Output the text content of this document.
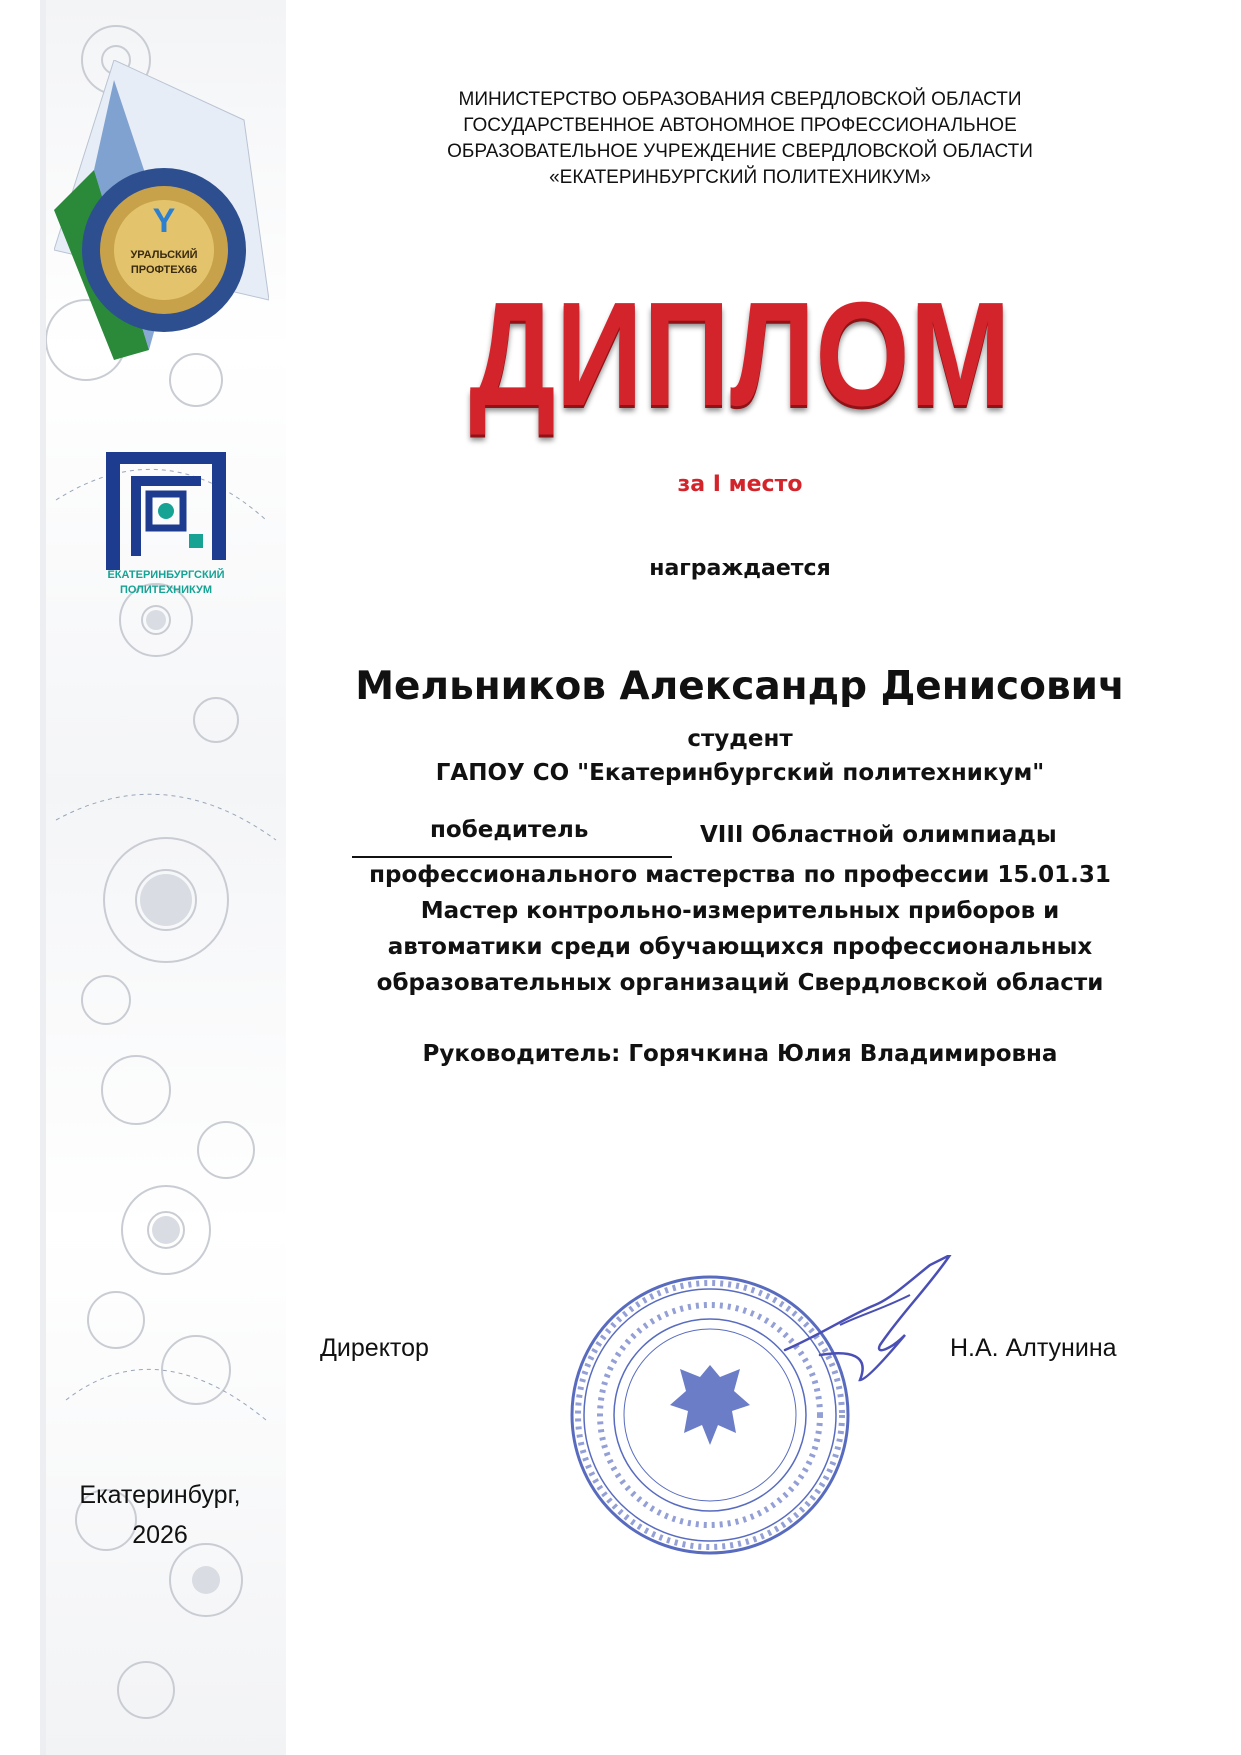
Y
УРАЛЬСКИЙ
ПРОФТЕХ66
ЕКАТЕРИНБУРГСКИЙ
ПОЛИТЕХНИКУМ
МИНИСТЕРСТВО ОБРАЗОВАНИЯ СВЕРДЛОВСКОЙ ОБЛАСТИ
ГОСУДАРСТВЕННОЕ АВТОНОМНОЕ ПРОФЕССИОНАЛЬНОЕ
ОБРАЗОВАТЕЛЬНОЕ УЧРЕЖДЕНИЕ СВЕРДЛОВСКОЙ ОБЛАСТИ
«ЕКАТЕРИНБУРГСКИЙ ПОЛИТЕХНИКУМ»
ДИПЛОМ
за I место
награждается
Мельников Александр Денисович
студент
ГАПОУ СО "Екатеринбургский политехникум"
победитель	VIII Областной олимпиады
профессионального мастерства по профессии 15.01.31
Мастер контрольно-измерительных приборов и
автоматики среди обучающихся профессиональных
образовательных организаций Свердловской области
Руководитель: Горячкина Юлия Владимировна
Директор	Н.А. Алтунина
Екатеринбург,
2026
